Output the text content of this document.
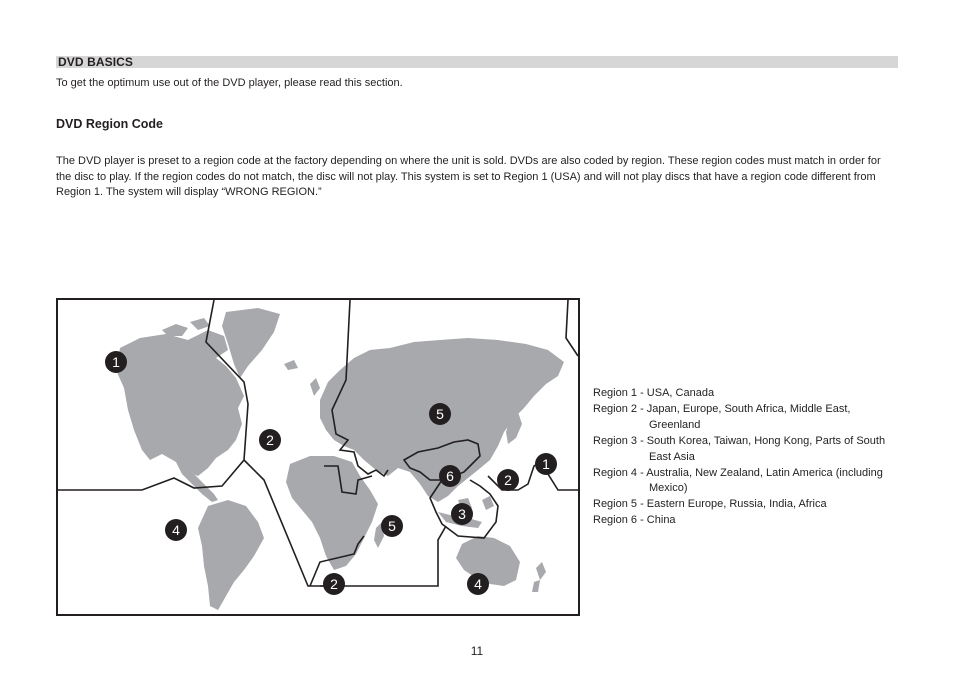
DVD BASICS
To get the optimum use out of the DVD player, please read this section.
DVD Region Code
The DVD player is preset to a region code at the factory depending on where the unit is sold. DVDs are also coded by region. These region codes must match in order for the disc to play. If the region codes do not match, the disc will not play. This system is set to Region 1 (USA) and will not play discs that have a region code different from Region 1. The system will display “WRONG REGION.”
1
2
5
6	2
1
4	5
3
2	4
Region 1 - USA, Canada
Region 2 - Japan, Europe, South Africa, Middle East, Greenland
Region 3 - South Korea, Taiwan, Hong Kong, Parts of South East Asia
Region 4 - Australia, New Zealand, Latin America (including Mexico)
Region 5 - Eastern Europe, Russia, India, Africa
Region 6 - China
11
